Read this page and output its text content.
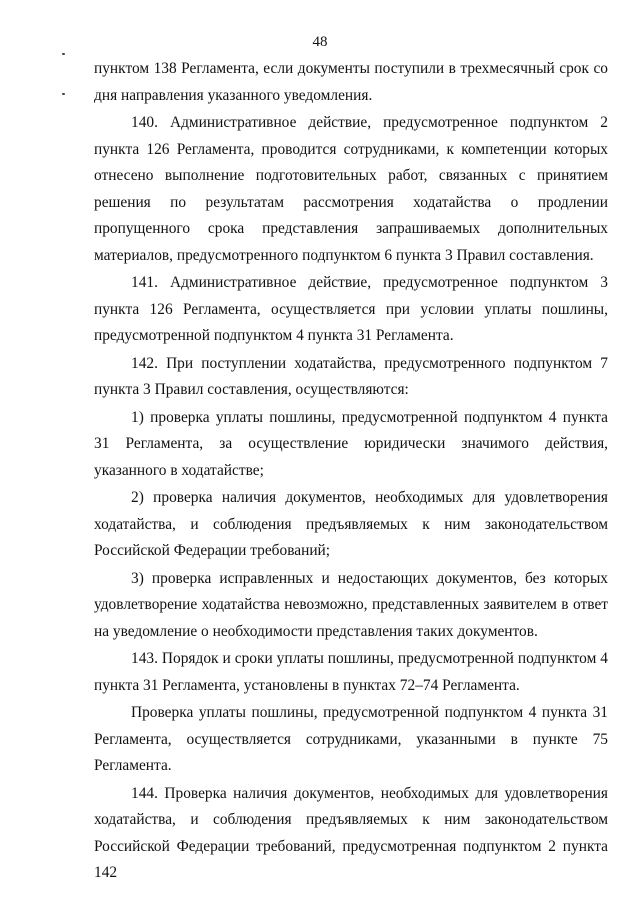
48

пунктом 138 Регламента, если документы поступили в трехмесячный срок со дня направления указанного уведомления.

140. Административное действие, предусмотренное подпунктом 2 пункта 126 Регламента, проводится сотрудниками, к компетенции которых отнесено выполнение подготовительных работ, связанных с принятием решения по результатам рассмотрения ходатайства о продлении пропущенного срока представления запрашиваемых дополнительных материалов, предусмотренного подпунктом 6 пункта 3 Правил составления.

141. Административное действие, предусмотренное подпунктом 3 пункта 126 Регламента, осуществляется при условии уплаты пошлины, предусмотренной подпунктом 4 пункта 31 Регламента.

142. При поступлении ходатайства, предусмотренного подпунктом 7 пункта 3 Правил составления, осуществляются:

1) проверка уплаты пошлины, предусмотренной подпунктом 4 пункта 31 Регламента, за осуществление юридически значимого действия, указанного в ходатайстве;

2) проверка наличия документов, необходимых для удовлетворения ходатайства, и соблюдения предъявляемых к ним законодательством Российской Федерации требований;

3) проверка исправленных и недостающих документов, без которых удовлетворение ходатайства невозможно, представленных заявителем в ответ на уведомление о необходимости представления таких документов.

143. Порядок и сроки уплаты пошлины, предусмотренной подпунктом 4 пункта 31 Регламента, установлены в пунктах 72–74 Регламента.

Проверка уплаты пошлины, предусмотренной подпунктом 4 пункта 31 Регламента, осуществляется сотрудниками, указанными в пункте 75 Регламента.

144. Проверка наличия документов, необходимых для удовлетворения ходатайства, и соблюдения предъявляемых к ним законодательством Российской Федерации требований, предусмотренная подпунктом 2 пункта 142
